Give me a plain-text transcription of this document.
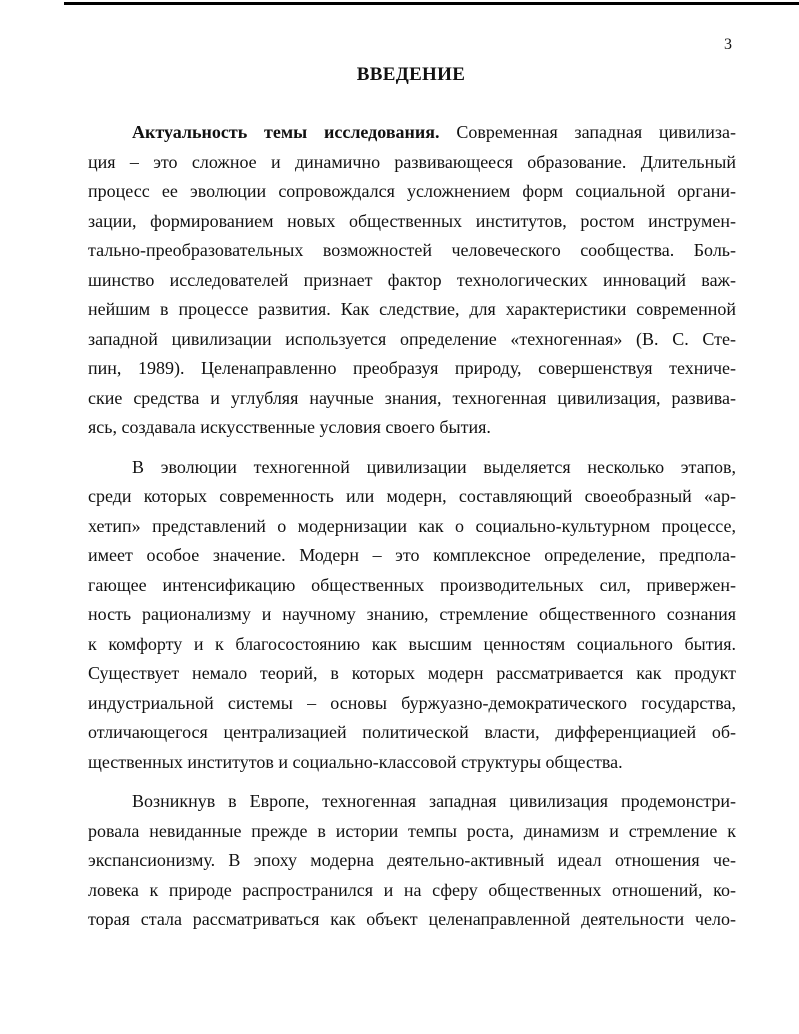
3
ВВЕДЕНИЕ
Актуальность темы исследования. Современная западная цивилиза-
ция – это сложное и динамично развивающееся образование. Длительный
процесс ее эволюции сопровождался усложнением форм социальной органи-
зации, формированием новых общественных институтов, ростом инструмен-
тально-преобразовательных возможностей человеческого сообщества. Боль-
шинство исследователей признает фактор технологических инноваций важ-
нейшим в процессе развития. Как следствие, для характеристики современной
западной цивилизации используется определение «техногенная» (В. С. Сте-
пин, 1989). Целенаправленно преобразуя природу, совершенствуя техниче-
ские средства и углубляя научные знания, техногенная цивилизация, развива-
ясь, создавала искусственные условия своего бытия.
В эволюции техногенной цивилизации выделяется несколько этапов,
среди которых современность или модерн, составляющий своеобразный «ар-
хетип» представлений о модернизации как о социально-культурном процессе,
имеет особое значение. Модерн – это комплексное определение, предпола-
гающее интенсификацию общественных производительных сил, привержен-
ность рационализму и научному знанию, стремление общественного сознания
к комфорту и к благосостоянию как высшим ценностям социального бытия.
Существует немало теорий, в которых модерн рассматривается как продукт
индустриальной системы – основы буржуазно-демократического государства,
отличающегося централизацией политической власти, дифференциацией об-
щественных институтов и социально-классовой структуры общества.
Возникнув в Европе, техногенная западная цивилизация продемонстри-
ровала невиданные прежде в истории темпы роста, динамизм и стремление к
экспансионизму. В эпоху модерна деятельно-активный идеал отношения че-
ловека к природе распространился и на сферу общественных отношений, ко-
торая стала рассматриваться как объект целенаправленной деятельности чело-
